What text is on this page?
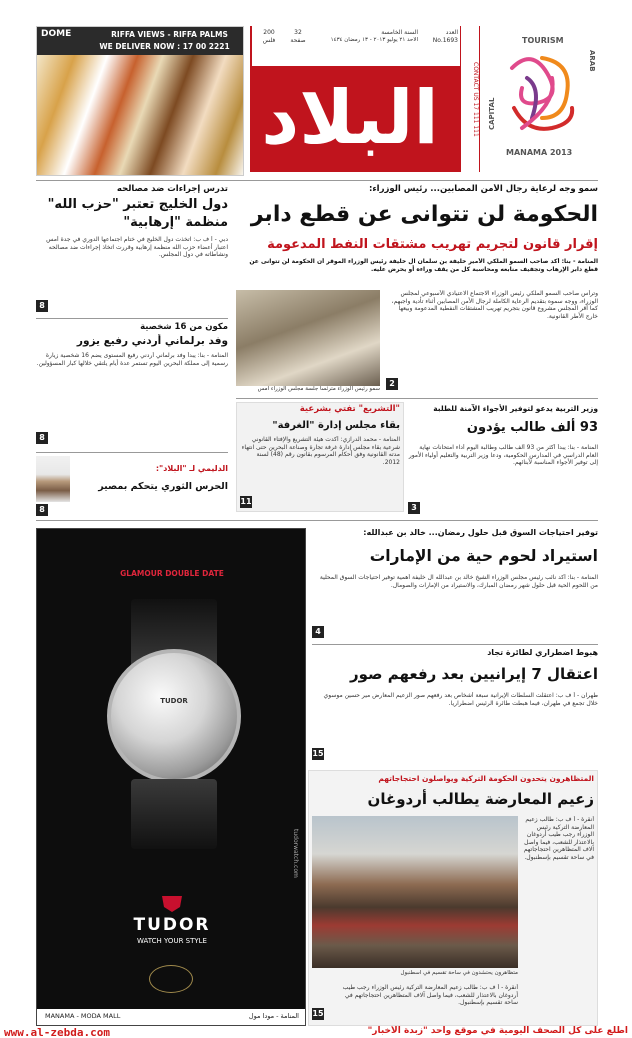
DOME	RIFFA VIEWS - RIFFA PALMS
WE DELIVER NOW : 17 00 2221
البلاد	CONTACT US 17 111 111
العدد
No.1693
السنة الخامسة
الأحد ٢١ يوليو ٢٠١٣ - ١٣ رمضان ١٤٣٤
32
صفحة
200
فلس	TOURISM
CAPITAL
ARAB
MANAMA 2013
تدرس إجراءات ضد مصالحه
دول الخليج تعتبر "حزب الله" منظمة "إرهابية"
دبي - أ ف ب: اتخذت دول الخليج في ختام اجتماعها الدوري في جدة أمس اعتبار أعضاء حزب الله منظمة إرهابية وقررت اتخاذ إجراءات ضد مصالحه ونشاطاته في دول المجلس.
8
مكون من 16 شخصية
وفد برلماني أردني رفيع يزور
المنامة - بنا: يبدأ وفد برلماني أردني رفيع المستوى يضم 16 شخصية زيارة رسمية إلى مملكة البحرين اليوم تستمر عدة أيام يلتقي خلالها كبار المسؤولين.
8
الدليمي لـ "البلاد":
الحرس الثوري يتحكم بمصير
8
سمو وجه لرعاية رجال الأمن المصابين... رئيس الوزراء:
الحكومة لن تتوانى عن قطع دابر
إقرار قانون لتجريم تهريب مشتقات النفط المدعومة
المنامة - بنا: أكد صاحب السمو الملكي الأمير خليفة بن سلمان آل خليفة رئيس الوزراء الموقر أن الحكومة لن تتوانى عن قطع دابر الإرهاب وتجفيف منابعه ومحاسبة كل من يقف وراءه أو يحرض عليه.
سمو رئيس الوزراء مترئسا جلسة مجلس الوزراء أمس
وترأس صاحب السمو الملكي رئيس الوزراء الاجتماع الاعتيادي الأسبوعي لمجلس الوزراء، ووجه سموه بتقديم الرعاية الكاملة لرجال الأمن المصابين أثناء تأدية واجبهم، كما أقر المجلس مشروع قانون بتجريم تهريب المشتقات النفطية المدعومة وبيعها خارج الأطر القانونية.
2
"التشريع" تفتي بشرعية
بقاء مجلس إدارة "الغرفة"
المنامة - محمد الدرازي: أكدت هيئة التشريع والإفتاء القانوني شرعية بقاء مجلس إدارة غرفة تجارة وصناعة البحرين حتى انتهاء مدته القانونية وفق أحكام المرسوم بقانون رقم (48) لسنة 2012.
11
وزير التربية يدعو لتوفير الأجواء الآمنة للطلبة
93 ألف طالب يؤدون
المنامة - بنا: يبدأ أكثر من 93 ألف طالب وطالبة اليوم أداء امتحانات نهاية العام الدراسي في المدارس الحكومية، ودعا وزير التربية والتعليم أولياء الأمور إلى توفير الأجواء المناسبة لأبنائهم.
3
GLAMOUR DOUBLE DATE
TUDOR
tudorwatch.com
TUDOR
WATCH YOUR STYLE
MANAMA - MODA MALL	المنامة - مودا مول
توفير احتياجات السوق قبل حلول رمضان... خالد بن عبدالله:
استيراد لحوم حية من الإمارات
المنامة - بنا: أكد نائب رئيس مجلس الوزراء الشيخ خالد بن عبدالله آل خليفة أهمية توفير احتياجات السوق المحلية من اللحوم الحية قبل حلول شهر رمضان المبارك، والاستيراد من الإمارات والصومال.
4
هبوط اضطراري لطائرة تجاد
اعتقال 7 إيرانيين بعد رفعهم صور
طهران - أ ف ب: اعتقلت السلطات الإيرانية سبعة أشخاص بعد رفعهم صور الزعيم المعارض مير حسين موسوي خلال تجمع في طهران، فيما هبطت طائرة الرئيس اضطراريا.
15
المتظاهرون يتحدون الحكومة التركية ويواصلون احتجاجاتهم
زعيم المعارضة يطالب أردوغان
متظاهرون يحتشدون في ساحة تقسيم في اسطنبول
أنقرة - أ ف ب: طالب زعيم المعارضة التركية رئيس الوزراء رجب طيب أردوغان بالاعتذار للشعب، فيما واصل آلاف المتظاهرين احتجاجاتهم في ساحة تقسيم بإسطنبول.
أنقرة - أ ف ب: طالب زعيم المعارضة التركية رئيس الوزراء رجب طيب أردوغان بالاعتذار للشعب، فيما واصل آلاف المتظاهرين احتجاجاتهم في ساحة تقسيم بإسطنبول.
15
www.al-zebda.com	اطلع على كل الصحف اليومية في موقع واحد "زبدة الأخبار"
